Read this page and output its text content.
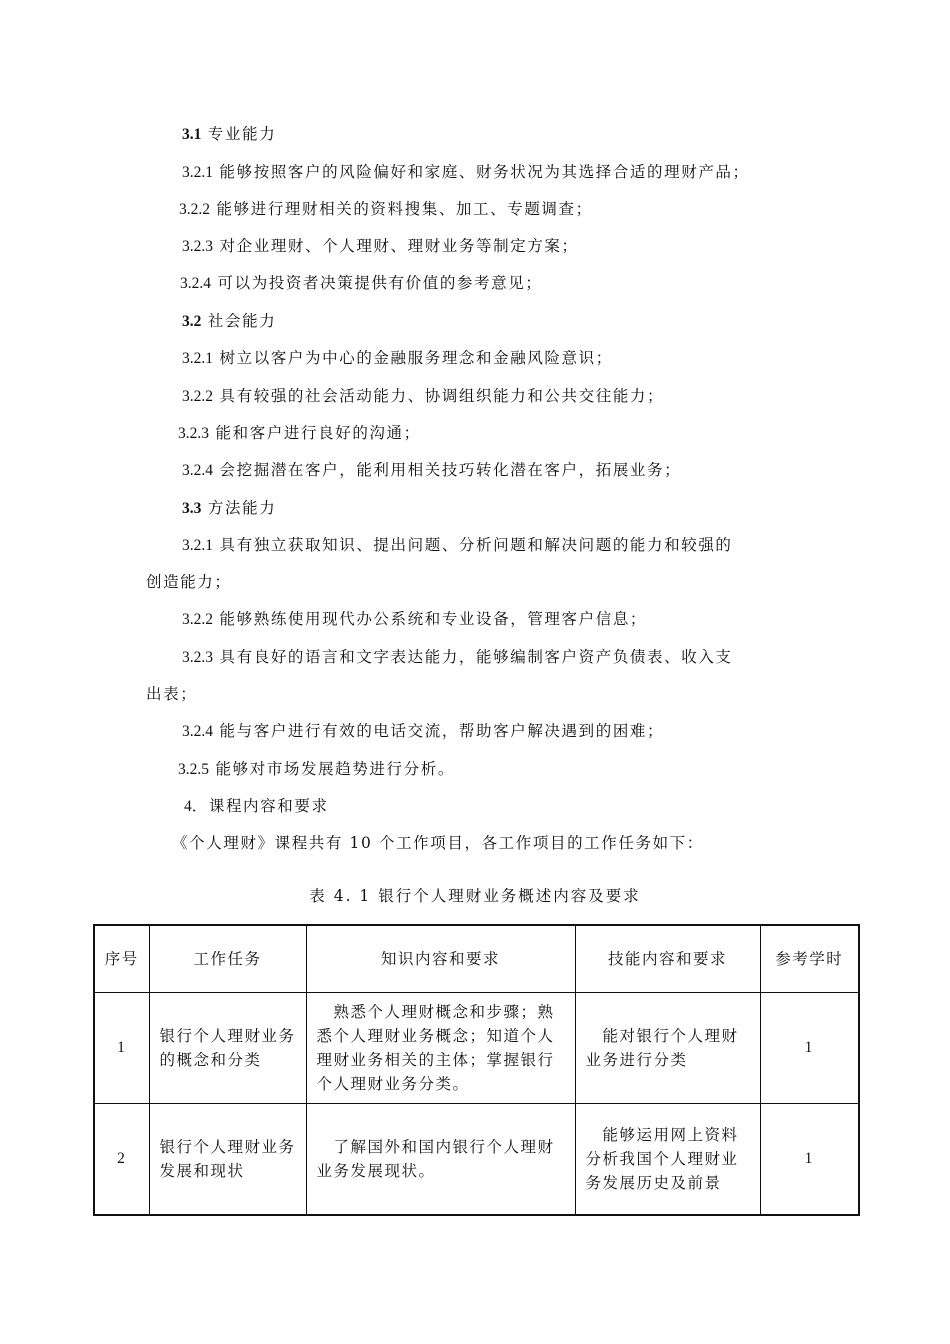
3.1 专业能力
3.2.1 能够按照客户的风险偏好和家庭、财务状况为其选择合适的理财产品；
3.2.2 能够进行理财相关的资料搜集、加工、专题调查；
3.2.3 对企业理财、个人理财、理财业务等制定方案；
3.2.4 可以为投资者决策提供有价值的参考意见；
3.2 社会能力
3.2.1 树立以客户为中心的金融服务理念和金融风险意识；
3.2.2 具有较强的社会活动能力、协调组织能力和公共交往能力；
3.2.3 能和客户进行良好的沟通；
3.2.4 会挖掘潜在客户，能利用相关技巧转化潜在客户，拓展业务；
3.3 方法能力
3.2.1 具有独立获取知识、提出问题、分析问题和解决问题的能力和较强的
创造能力；
3.2.2 能够熟练使用现代办公系统和专业设备，管理客户信息；
3.2.3 具有良好的语言和文字表达能力，能够编制客户资产负债表、收入支
出表；
3.2.4 能与客户进行有效的电话交流，帮助客户解决遇到的困难；
3.2.5 能够对市场发展趋势进行分析。
4．课程内容和要求
《个人理财》课程共有 10 个工作项目，各工作项目的工作任务如下：
表 4. 1 银行个人理财业务概述内容及要求
序号	工作任务	知识内容和要求	技能内容和要求	参考学时
1	银行个人理财业务的概念和分类	熟悉个人理财概念和步骤；熟悉个人理财业务概念；知道个人理财业务相关的主体；掌握银行个人理财业务分类。	能对银行个人理财业务进行分类	1
2	银行个人理财业务发展和现状	了解国外和国内银行个人理财业务发展现状。	能够运用网上资料分析我国个人理财业务发展历史及前景	1
